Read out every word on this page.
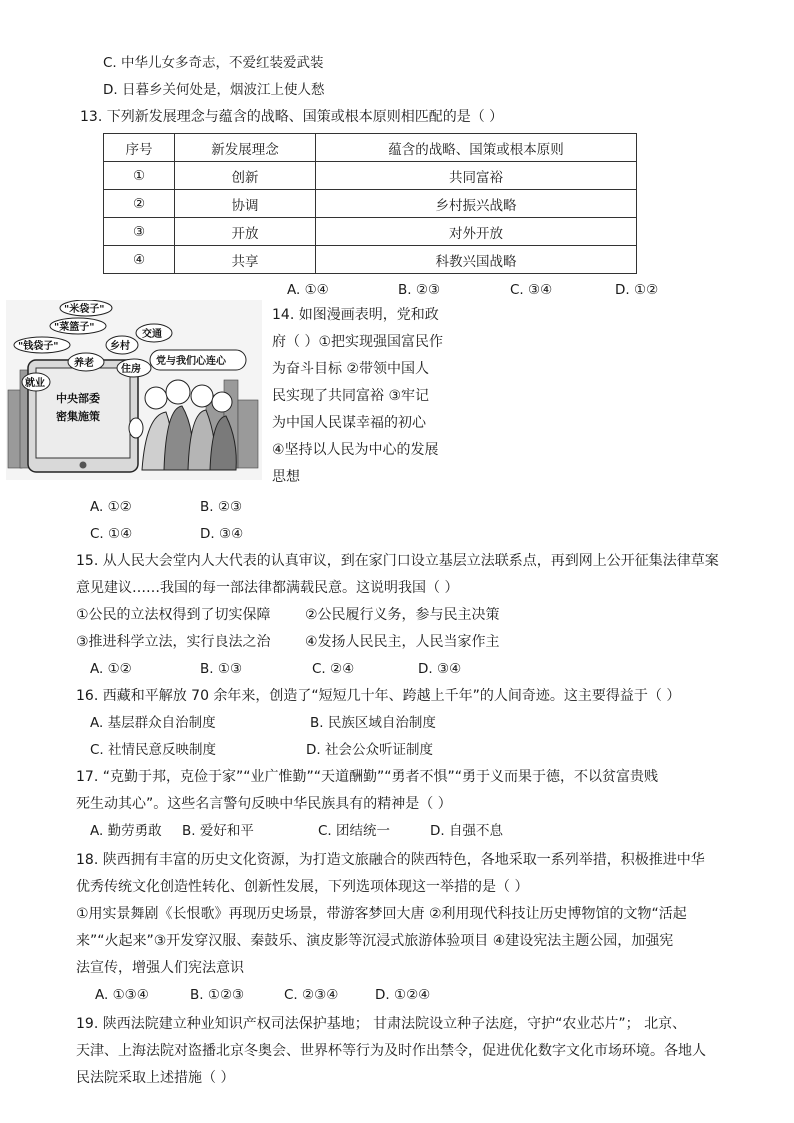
C. 中华儿女多奇志，不爱红装爱武装
D. 日暮乡关何处是，烟波江上使人愁
13. 下列新发展理念与蕴含的战略、国策或根本原则相匹配的是（ ）
序号	新发展理念	蕴含的战略、国策或根本原则
①	创新	共同富裕
②	协调	乡村振兴战略
③	开放	对外开放
④	共享	科教兴国战略
A. ①④	B. ②③	C. ③④	D. ①②
中央部委
密集施策
"米袋子"
"菜篮子"
"钱袋子"
交通
乡村
养老
住房
就业
党与我们心连心
14. 如图漫画表明，党和政
府（ ）①把实现强国富民作
为奋斗目标 ②带领中国人
民实现了共同富裕 ③牢记
为中国人民谋幸福的初心
④坚持以人民为中心的发展
思想
A. ①②	B. ②③
C. ①④	D. ③④
15. 从人民大会堂内人大代表的认真审议，到在家门口设立基层立法联系点，再到网上公开征集法律草案
意见建议……我国的每一部法律都满载民意。这说明我国（ ）
①公民的立法权得到了切实保障 ②公民履行义务，参与民主决策
③推进科学立法，实行良法之治 ④发扬人民民主，人民当家作主
A. ①②	B. ①③	C. ②④	D. ③④
16. 西藏和平解放 70 余年来，创造了“短短几十年、跨越上千年”的人间奇迹。这主要得益于（ ）
A. 基层群众自治制度	B. 民族区域自治制度
C. 社情民意反映制度	D. 社会公众听证制度
17. “克勤于邦，克俭于家”“业广惟勤”“天道酬勤”“勇者不惧”“勇于义而果于德，不以贫富贵贱
死生动其心”。这些名言警句反映中华民族具有的精神是（ ）
A. 勤劳勇敢 B. 爱好和平	C. 团结统一	D. 自强不息
18. 陕西拥有丰富的历史文化资源，为打造文旅融合的陕西特色，各地采取一系列举措，积极推进中华
优秀传统文化创造性转化、创新性发展，下列选项体现这一举措的是（ ）
①用实景舞剧《长恨歌》再现历史场景，带游客梦回大唐 ②利用现代科技让历史博物馆的文物“活起
来”“火起来”③开发穿汉服、秦鼓乐、演皮影等沉浸式旅游体验项目 ④建设宪法主题公园，加强宪
法宣传，增强人们宪法意识
A. ①③④	B. ①②③	C. ②③④	D. ①②④
19. 陕西法院建立种业知识产权司法保护基地； 甘肃法院设立种子法庭，守护“农业芯片”； 北京、
天津、上海法院对盗播北京冬奥会、世界杯等行为及时作出禁令，促进优化数字文化市场环境。各地人
民法院采取上述措施（ ）
